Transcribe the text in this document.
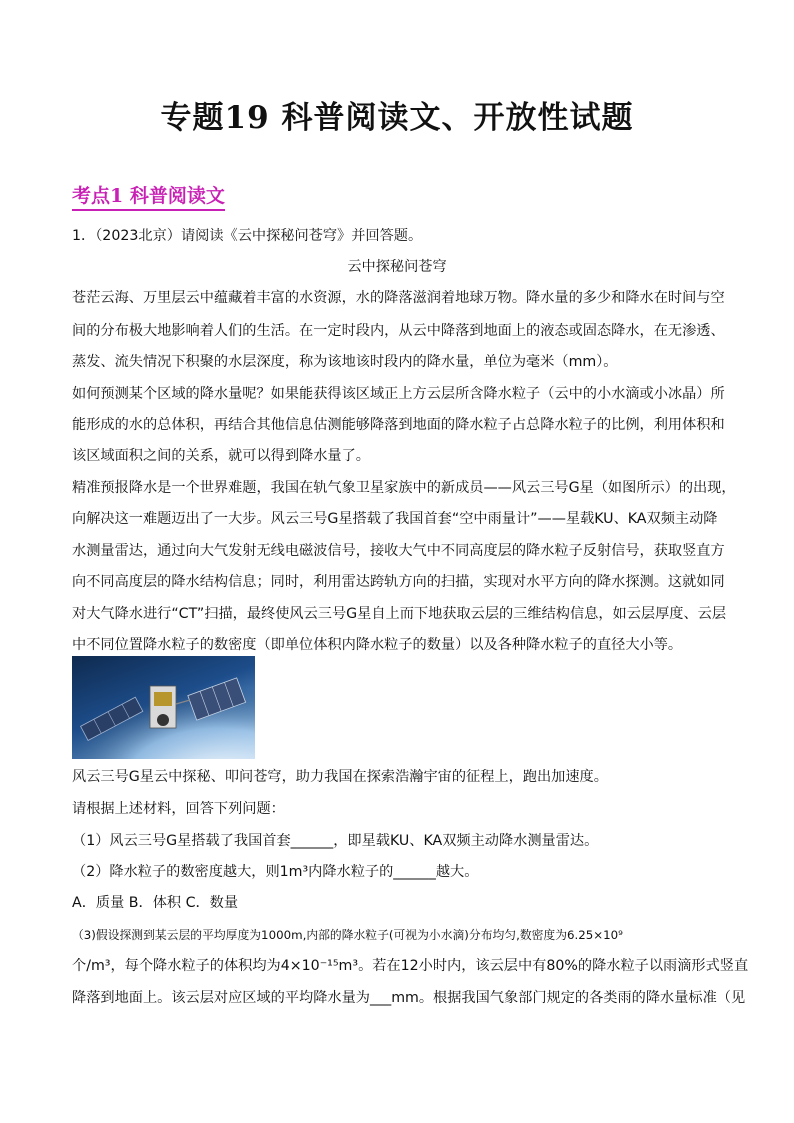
专题19 科普阅读文、开放性试题
考点1 科普阅读文
1．（2023北京）请阅读《云中探秘问苍穹》并回答题。
云中探秘问苍穹
苍茫云海、万里层云中蕴藏着丰富的水资源，水的降落滋润着地球万物。降水量的多少和降水在时间与空
间的分布极大地影响着人们的生活。在一定时段内，从云中降落到地面上的液态或固态降水，在无渗透、
蒸发、流失情况下积聚的水层深度，称为该地该时段内的降水量，单位为毫米（mm）。
如何预测某个区域的降水量呢？如果能获得该区域正上方云层所含降水粒子（云中的小水滴或小冰晶）所
能形成的水的总体积，再结合其他信息估测能够降落到地面的降水粒子占总降水粒子的比例，利用体积和
该区域面积之间的关系，就可以得到降水量了。
精准预报降水是一个世界难题，我国在轨气象卫星家族中的新成员——风云三号G星（如图所示）的出现，
向解决这一难题迈出了一大步。风云三号G星搭载了我国首套“空中雨量计”——星载KU、KA双频主动降
水测量雷达，通过向大气发射无线电磁波信号，接收大气中不同高度层的降水粒子反射信号，获取竖直方
向不同高度层的降水结构信息；同时，利用雷达跨轨方向的扫描，实现对水平方向的降水探测。这就如同
对大气降水进行“CT”扫描，最终使风云三号G星自上而下地获取云层的三维结构信息，如云层厚度、云层
中不同位置降水粒子的数密度（即单位体积内降水粒子的数量）以及各种降水粒子的直径大小等。
风云三号G星云中探秘、叩问苍穹，助力我国在探索浩瀚宇宙的征程上，跑出加速度。
请根据上述材料，回答下列问题：
（1）风云三号G星搭载了我国首套______，即星载KU、KA双频主动降水测量雷达。
（2）降水粒子的数密度越大，则1m³内降水粒子的______越大。
A．质量 B．体积 C．数量
（3)假设探测到某云层的平均厚度为1000m,内部的降水粒子(可视为小水滴)分布均匀,数密度为6.25×10⁹
个/m³，每个降水粒子的体积均为4×10⁻¹⁵m³。若在12小时内，该云层中有80%的降水粒子以雨滴形式竖直
降落到地面上。该云层对应区域的平均降水量为___mm。根据我国气象部门规定的各类雨的降水量标准（见
